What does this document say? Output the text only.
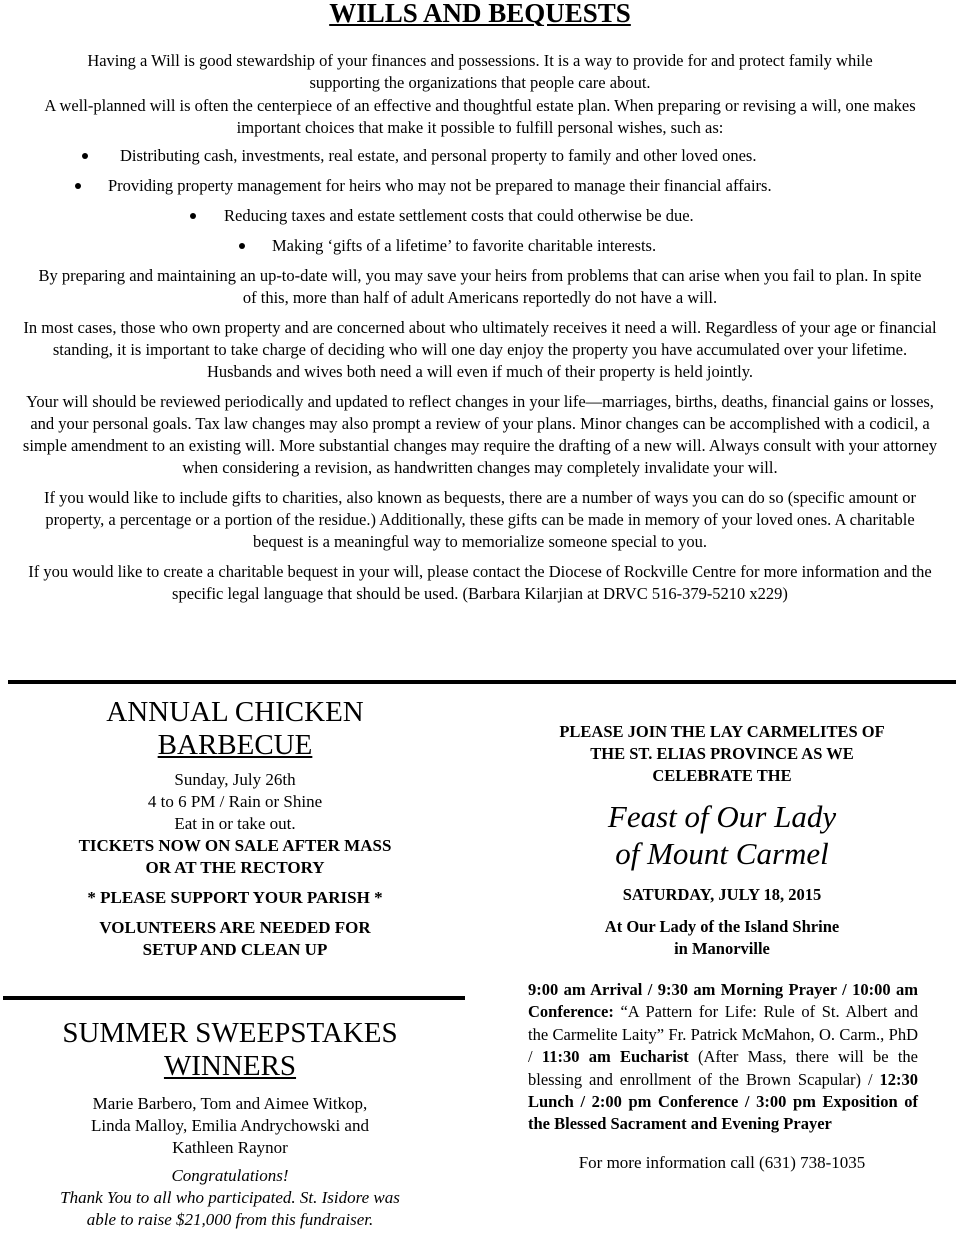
WILLS AND BEQUESTS

Having a Will is good stewardship of your finances and possessions. It is a way to provide for and protect family while supporting the organizations that people care about.

A well-planned will is often the centerpiece of an effective and thoughtful estate plan. When preparing or revising a will, one makes important choices that make it possible to fulfill personal wishes, such as:

Distributing cash, investments, real estate, and personal property to family and other loved ones.
Providing property management for heirs who may not be prepared to manage their financial affairs.
Reducing taxes and estate settlement costs that could otherwise be due.
Making ‘gifts of a lifetime’ to favorite charitable interests.

By preparing and maintaining an up-to-date will, you may save your heirs from problems that can arise when you fail to plan. In spite of this, more than half of adult Americans reportedly do not have a will.

In most cases, those who own property and are concerned about who ultimately receives it need a will. Regardless of your age or financial standing, it is important to take charge of deciding who will one day enjoy the property you have accumulated over your lifetime. Husbands and wives both need a will even if much of their property is held jointly.

Your will should be reviewed periodically and updated to reflect changes in your life—marriages, births, deaths, financial gains or losses, and your personal goals. Tax law changes may also prompt a review of your plans. Minor changes can be accomplished with a codicil, a simple amendment to an existing will. More substantial changes may require the drafting of a new will. Always consult with your attorney when considering a revision, as handwritten changes may completely invalidate your will.

If you would like to include gifts to charities, also known as bequests, there are a number of ways you can do so (specific amount or property, a percentage or a portion of the residue.) Additionally, these gifts can be made in memory of your loved ones. A charitable bequest is a meaningful way to memorialize someone special to you.

If you would like to create a charitable bequest in your will, please contact the Diocese of Rockville Centre for more information and the specific legal language that should be used. (Barbara Kilarjian at DRVC 516-379-5210 x229)

ANNUAL CHICKEN

BARBECUE

Sunday, July 26th

4 to 6 PM / Rain or Shine

Eat in or take out.

TICKETS NOW ON SALE AFTER MASS

OR AT THE RECTORY

* PLEASE SUPPORT YOUR PARISH *

VOLUNTEERS ARE NEEDED FOR

SETUP AND CLEAN UP

SUMMER SWEEPSTAKES

WINNERS

Marie Barbero, Tom and Aimee Witkop,

Linda Malloy, Emilia Andrychowski and

Kathleen Raynor

Congratulations!

Thank You to all who participated. St. Isidore was

able to raise $21,000 from this fundraiser.

PLEASE JOIN THE LAY CARMELITES OF

THE ST. ELIAS PROVINCE AS WE

CELEBRATE THE

Feast of Our Lady

of Mount Carmel

SATURDAY, JULY 18, 2015

At Our Lady of the Island Shrine

in Manorville

9:00 am Arrival / 9:30 am Morning Prayer / 10:00 am Conference: “A Pattern for Life: Rule of St. Albert and the Carmelite Laity” Fr. Patrick McMahon, O. Carm., PhD / 11:30 am Eucharist (After Mass, there will be the blessing and enrollment of the Brown Scapular) / 12:30 Lunch / 2:00 pm Conference / 3:00 pm Exposition of the Blessed Sacrament and Evening Prayer

For more information call (631) 738-1035
